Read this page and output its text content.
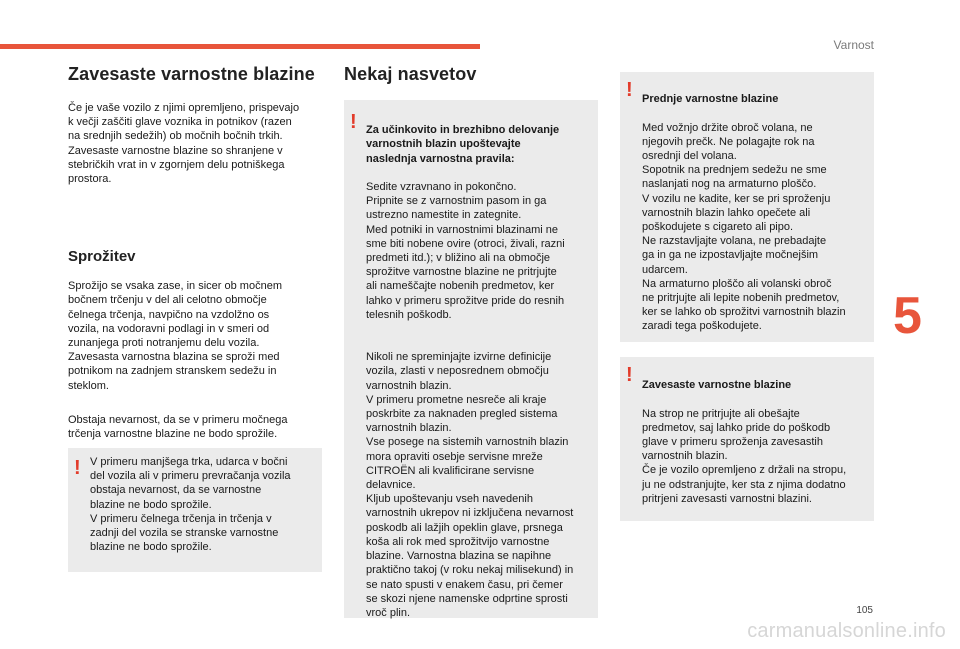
Varnost
Zavesaste varnostne blazine

Če je vaše vozilo z njimi opremljeno, prispevajo
k večji zaščiti glave voznika in potnikov (razen
na srednjih sedežih) ob močnih bočnih trkih.
Zavesaste varnostne blazine so shranjene v
stebričkih vrat in v zgornjem delu potniškega
prostora.

Sprožitev

Sprožijo se vsaka zase, in sicer ob močnem
bočnem trčenju v del ali celotno območje
čelnega trčenja, navpično na vzdolžno os
vozila, na vodoravni podlagi in v smeri od
zunanjega proti notranjemu delu vozila.
Zavesasta varnostna blazina se sproži med
potnikom na zadnjem stranskem sedežu in
steklom.

Obstaja nevarnost, da se v primeru močnega
trčenja varnostne blazine ne bodo sprožile.

! V primeru manjšega trka, udarca v bočni
del vozila ali v primeru prevračanja vozila
obstaja nevarnost, da se varnostne
blazine ne bodo sprožile.
V primeru čelnega trčenja in trčenja v
zadnji del vozila se stranske varnostne
blazine ne bodo sprožile.
Nekaj nasvetov
! Za učinkovito in brezhibno delovanje
varnostnih blazin upoštevajte
naslednja varnostna pravila:

Sedite vzravnano in pokončno.
Pripnite se z varnostnim pasom in ga
ustrezno namestite in zategnite.
Med potniki in varnostnimi blazinami ne
sme biti nobene ovire (otroci, živali, razni
predmeti itd.); v bližino ali na območje
sprožitve varnostne blazine ne pritrjujte
ali nameščajte nobenih predmetov, ker
lahko v primeru sprožitve pride do resnih
telesnih poškodb.

Nikoli ne spreminjajte izvirne definicije
vozila, zlasti v neposrednem območju
varnostnih blazin.
V primeru prometne nesreče ali kraje
poskrbite za naknaden pregled sistema
varnostnih blazin.
Vse posege na sistemih varnostnih blazin
mora opraviti osebje servisne mreže
CITROËN ali kvalificirane servisne
delavnice.
Kljub upoštevanju vseh navedenih
varnostnih ukrepov ni izključena nevarnost
poskodb ali lažjih opeklin glave, prsnega
koša ali rok med sprožitvijo varnostne
blazine. Varnostna blazina se napihne
praktično takoj (v roku nekaj milisekund) in
se nato spusti v enakem času, pri čemer
se skozi njene namenske odprtine sprosti
vroč plin.

! Prednje varnostne blazine

Med vožnjo držite obroč volana, ne
njegovih prečk. Ne polagajte rok na
osrednji del volana.
Sopotnik na prednjem sedežu ne sme
naslanjati nog na armaturno ploščo.
V vozilu ne kadite, ker se pri sproženju
varnostnih blazin lahko opečete ali
poškodujete s cigareto ali pipo.
Ne razstavljajte volana, ne prebadajte
ga in ga ne izpostavljajte močnejšim
udarcem.
Na armaturno ploščo ali volanski obroč
ne pritrjujte ali lepite nobenih predmetov,
ker se lahko ob sprožitvi varnostnih blazin
zaradi tega poškodujete.

! Zavesaste varnostne blazine

Na strop ne pritrjujte ali obešajte
predmetov, saj lahko pride do poškodb
glave v primeru sproženja zavesastih
varnostnih blazin.
Če je vozilo opremljeno z držali na stropu,
ju ne odstranjujte, ker sta z njima dodatno
pritrjeni zavesasti varnostni blazini.

5
105
carmanualsonline.info
